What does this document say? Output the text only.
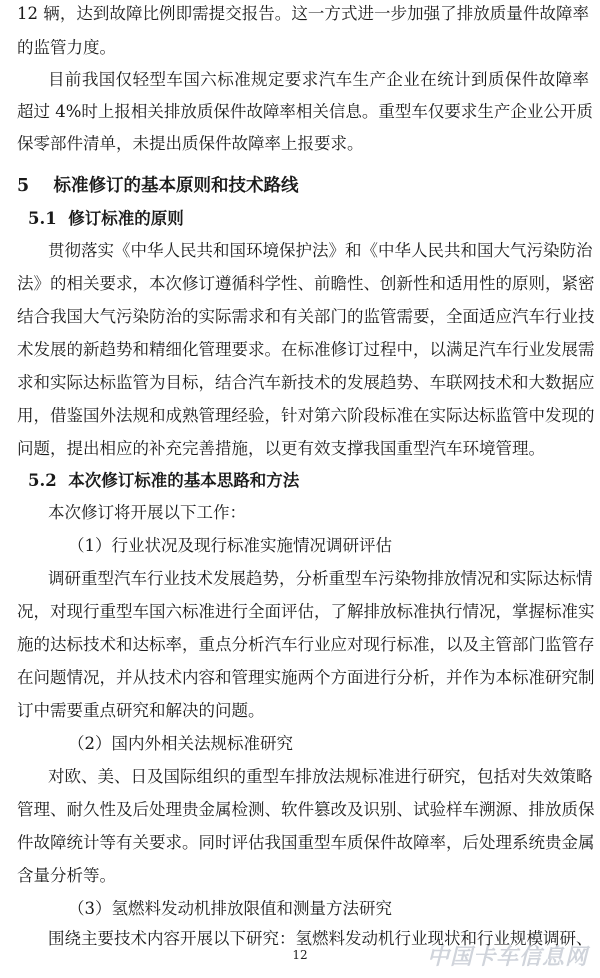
12 辆，达到故障比例即需提交报告。这一方式进一步加强了排放质量件故障率
的监管力度。
目前我国仅轻型车国六标准规定要求汽车生产企业在统计到质保件故障率
超过 4%时上报相关排放质保件故障率相关信息。重型车仅要求生产企业公开质
保零部件清单，未提出质保件故障率上报要求。
5    标准修订的基本原则和技术路线
5.1  修订标准的原则
贯彻落实《中华人民共和国环境保护法》和《中华人民共和国大气污染防治
法》的相关要求，本次修订遵循科学性、前瞻性、创新性和适用性的原则，紧密
结合我国大气污染防治的实际需求和有关部门的监管需要，全面适应汽车行业技
术发展的新趋势和精细化管理要求。在标准修订过程中，以满足汽车行业发展需
求和实际达标监管为目标，结合汽车新技术的发展趋势、车联网技术和大数据应
用，借鉴国外法规和成熟管理经验，针对第六阶段标准在实际达标监管中发现的
问题，提出相应的补充完善措施，以更有效支撑我国重型汽车环境管理。
5.2  本次修订标准的基本思路和方法
本次修订将开展以下工作：
（1）行业状况及现行标准实施情况调研评估
调研重型汽车行业技术发展趋势，分析重型车污染物排放情况和实际达标情
况，对现行重型车国六标准进行全面评估，了解排放标准执行情况，掌握标准实
施的达标技术和达标率，重点分析汽车行业应对现行标准，以及主管部门监管存
在问题情况，并从技术内容和管理实施两个方面进行分析，并作为本标准研究制
订中需要重点研究和解决的问题。
（2）国内外相关法规标准研究
对欧、美、日及国际组织的重型车排放法规标准进行研究，包括对失效策略
管理、耐久性及后处理贵金属检测、软件篡改及识别、试验样车溯源、排放质保
件故障统计等有关要求。同时评估我国重型车质保件故障率，后处理系统贵金属
含量分析等。
（3）氢燃料发动机排放限值和测量方法研究
围绕主要技术内容开展以下研究：氢燃料发动机行业现状和行业规模调研、
12	中国卡车信息网
